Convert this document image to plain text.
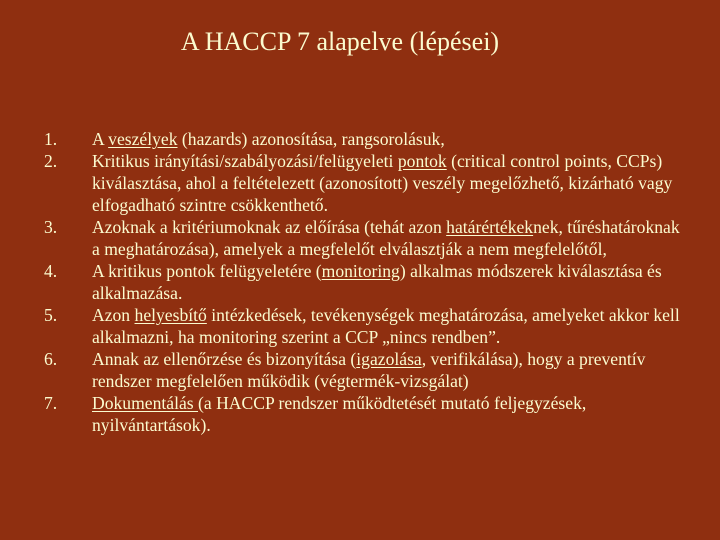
A HACCP 7 alapelve (lépései)
1.	A veszélyek (hazards) azonosítása, rangsorolásuk,
2.	Kritikus irányítási/szabályozási/felügyeleti pontok (critical control points, CCPs) kiválasztása, ahol a feltételezett (azonosított) veszély megelőzhető, kizárható vagy elfogadható szintre csökkenthető.
3.	Azoknak a kritériumoknak az előírása (tehát azon határértékeknek, tűréshatároknak a meghatározása), amelyek a megfelelőt elválasztják a nem megfelelőtől,
4.	A kritikus pontok felügyeletére (monitoring) alkalmas módszerek kiválasztása és alkalmazása.
5.	Azon helyesbítő intézkedések, tevékenységek meghatározása, amelyeket akkor kell alkalmazni, ha monitoring szerint a CCP „nincs rendben”.
6.	Annak az ellenőrzése és bizonyítása (igazolása, verifikálása), hogy a preventív rendszer megfelelően működik (végtermék-vizsgálat)
7.	Dokumentálás (a HACCP rendszer működtetését mutató feljegyzések, nyilvántartások).
